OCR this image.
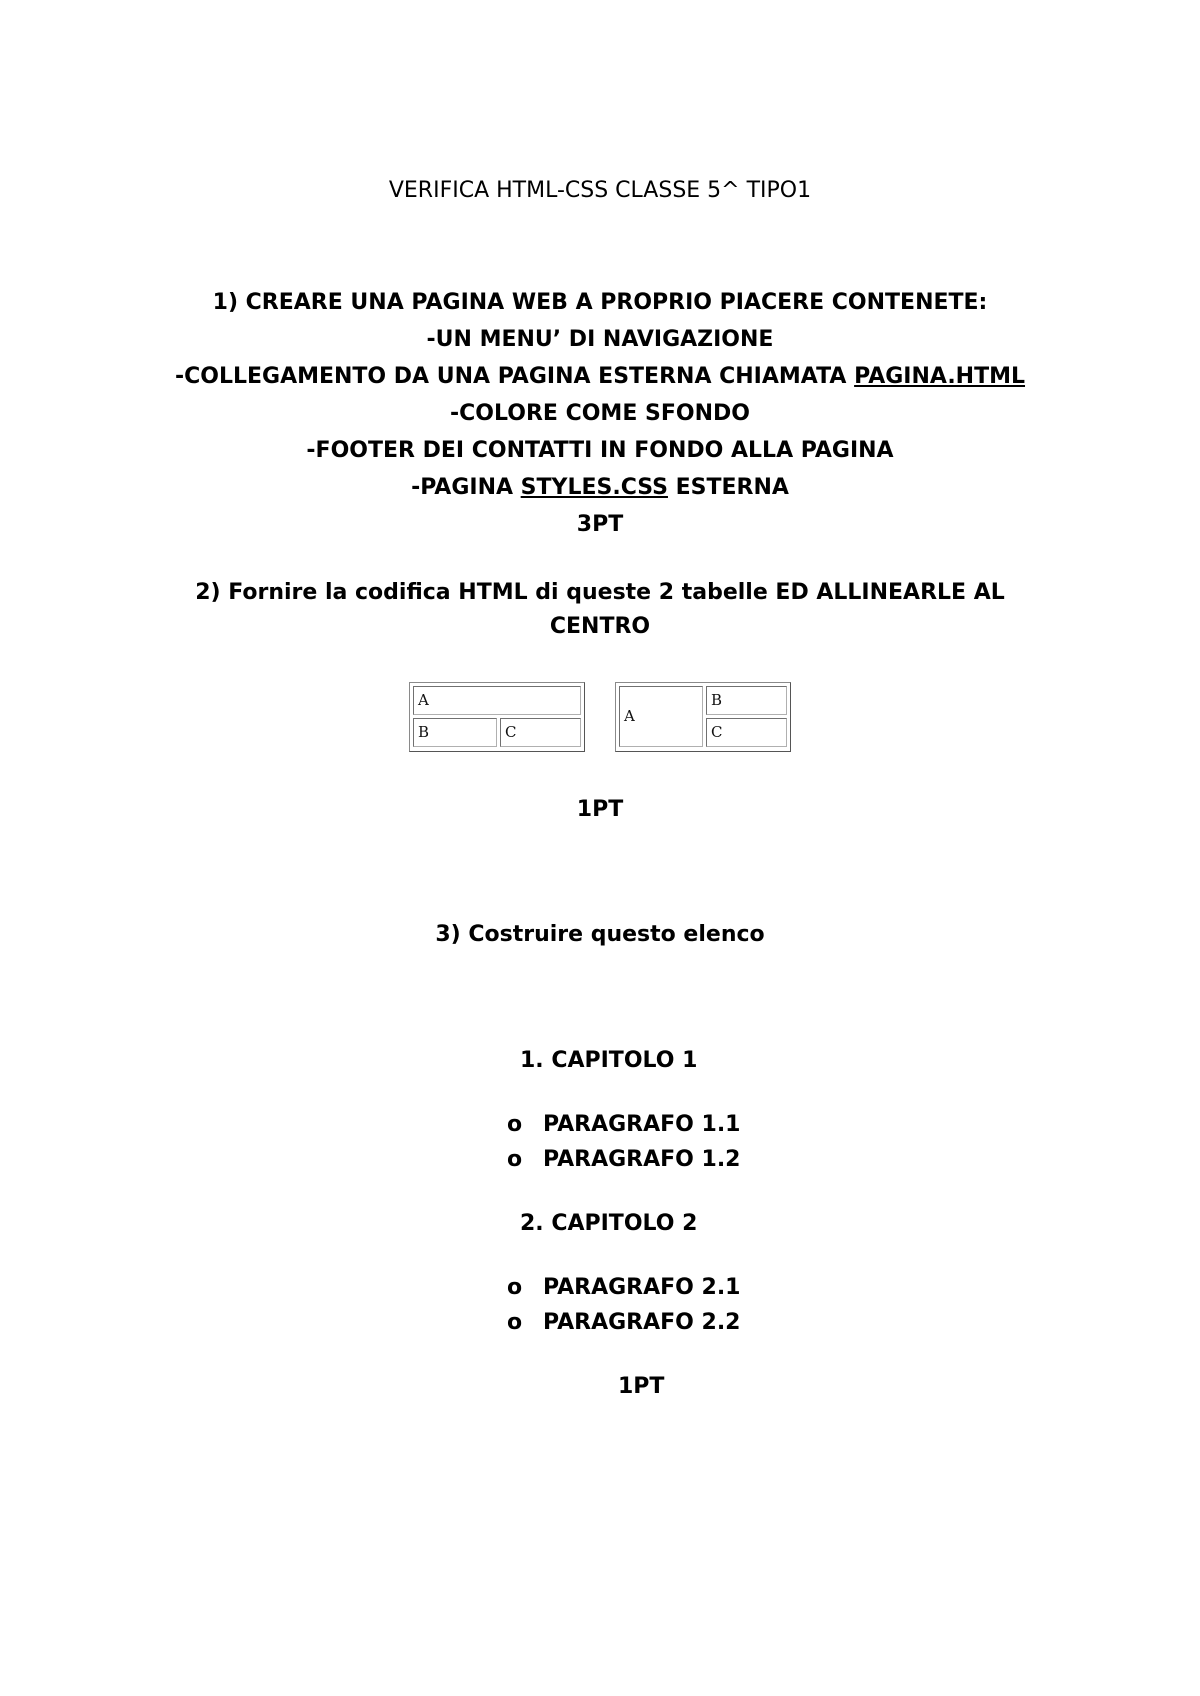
VERIFICA HTML-CSS CLASSE 5^ TIPO1
1) CREARE UNA PAGINA WEB A PROPRIO PIACERE CONTENETE:
-UN MENU’ DI NAVIGAZIONE
-COLLEGAMENTO DA UNA PAGINA ESTERNA CHIAMATA PAGINA.HTML
-COLORE COME SFONDO
-FOOTER DEI CONTATTI IN FONDO ALLA PAGINA
-PAGINA STYLES.CSS ESTERNA
3PT
2) Fornire la codifica HTML di queste 2 tabelle ED ALLINEARLE AL
CENTRO
A
B	C
A
B
C
1PT
3) Costruire questo elenco
1. CAPITOLO 1
o PARAGRAFO 1.1
o PARAGRAFO 1.2
2. CAPITOLO 2
o PARAGRAFO 2.1
o PARAGRAFO 2.2
1PT
